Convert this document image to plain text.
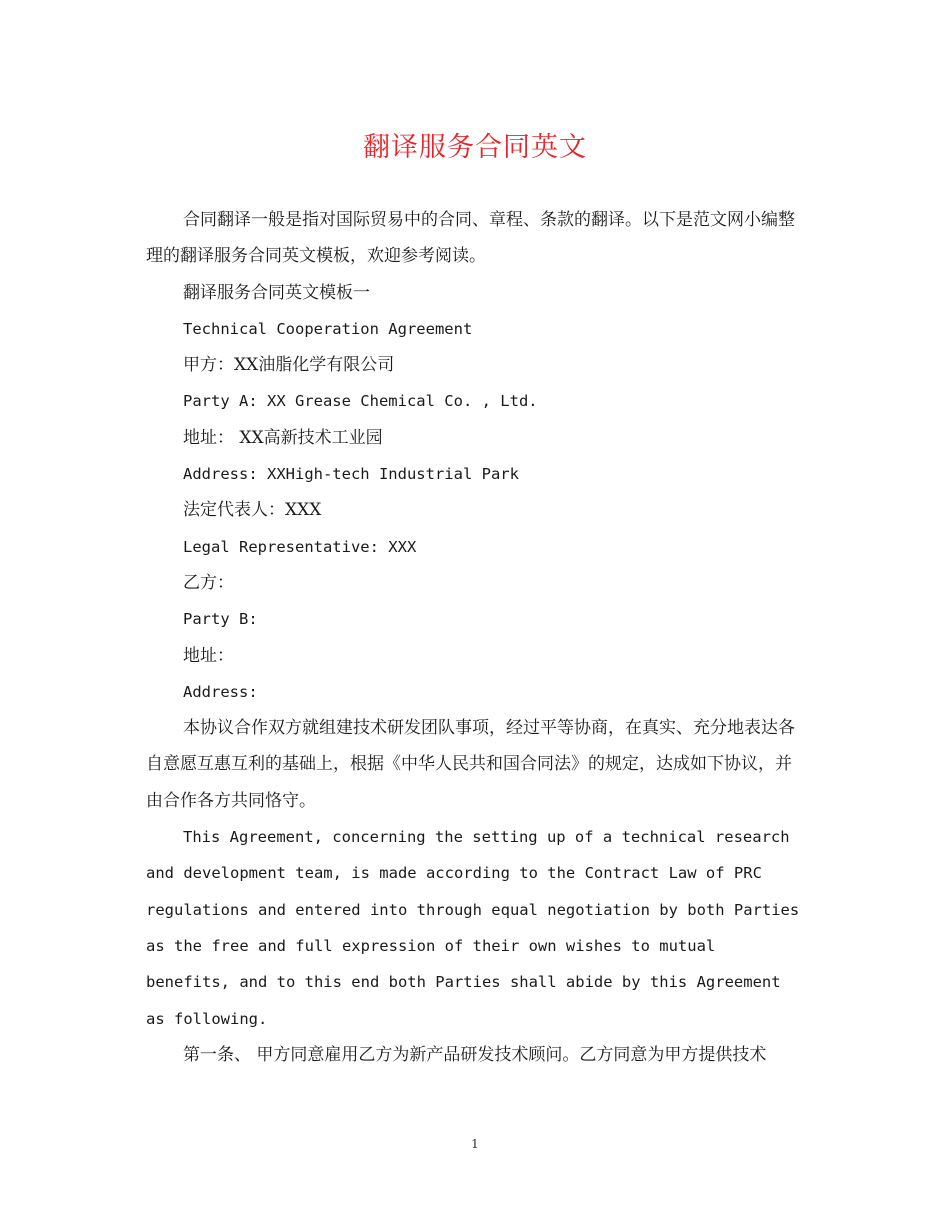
翻译服务合同英文

合同翻译一般是指对国际贸易中的合同、章程、条款的翻译。以下是范文网小编整理的翻译服务合同英文模板，欢迎参考阅读。

翻译服务合同英文模板一

Technical Cooperation Agreement

甲方：XX油脂化学有限公司

Party A: XX Grease Chemical Co. , Ltd.

地址： XX高新技术工业园

Address: XXHigh-tech Industrial Park

法定代表人：XXX

Legal Representative: XXX

乙方：

Party B:

地址：

Address:

本协议合作双方就组建技术研发团队事项，经过平等协商，在真实、充分地表达各自意愿互惠互利的基础上，根据《中华人民共和国合同法》的规定，达成如下协议，并由合作各方共同恪守。

This Agreement, concerning the setting up of a technical research and development team, is made according to the Contract Law of PRC regulations and entered into through equal negotiation by both Parties as the free and full expression of their own wishes to mutual benefits, and to this end both Parties shall abide by this Agreement as following.

第一条、 甲方同意雇用乙方为新产品研发技术顾问。乙方同意为甲方提供技术

1
